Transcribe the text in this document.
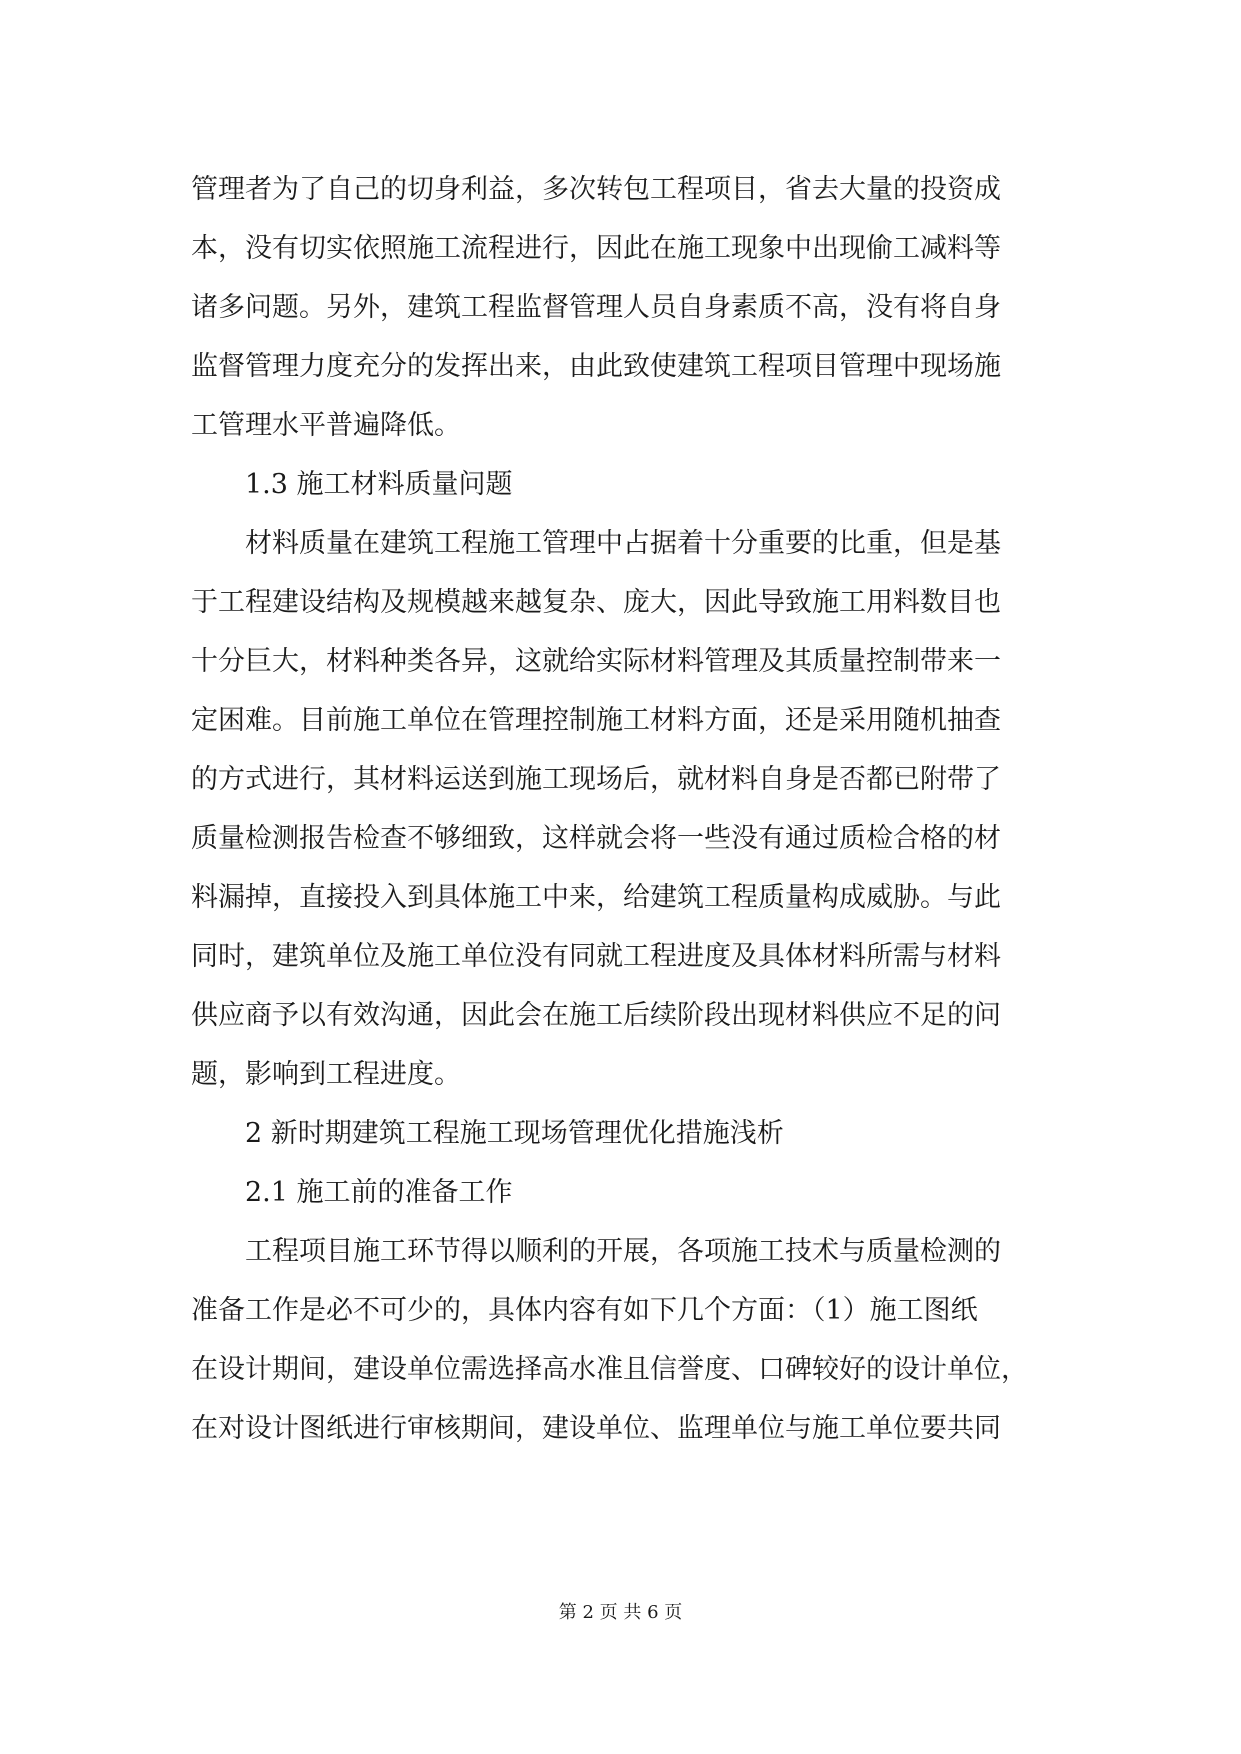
管理者为了自己的切身利益，多次转包工程项目，省去大量的投资成
本，没有切实依照施工流程进行，因此在施工现象中出现偷工减料等
诸多问题。另外，建筑工程监督管理人员自身素质不高，没有将自身
监督管理力度充分的发挥出来，由此致使建筑工程项目管理中现场施
工管理水平普遍降低。
1.3 施工材料质量问题
材料质量在建筑工程施工管理中占据着十分重要的比重，但是基
于工程建设结构及规模越来越复杂、庞大，因此导致施工用料数目也
十分巨大，材料种类各异，这就给实际材料管理及其质量控制带来一
定困难。目前施工单位在管理控制施工材料方面，还是采用随机抽查
的方式进行，其材料运送到施工现场后，就材料自身是否都已附带了
质量检测报告检查不够细致，这样就会将一些没有通过质检合格的材
料漏掉，直接投入到具体施工中来，给建筑工程质量构成威胁。与此
同时，建筑单位及施工单位没有同就工程进度及具体材料所需与材料
供应商予以有效沟通，因此会在施工后续阶段出现材料供应不足的问
题，影响到工程进度。
2 新时期建筑工程施工现场管理优化措施浅析
2.1 施工前的准备工作
工程项目施工环节得以顺利的开展，各项施工技术与质量检测的
准备工作是必不可少的，具体内容有如下几个方面：（1）施工图纸
在设计期间，建设单位需选择高水准且信誉度、口碑较好的设计单位，
在对设计图纸进行审核期间，建设单位、监理单位与施工单位要共同
第 2 页 共 6 页
